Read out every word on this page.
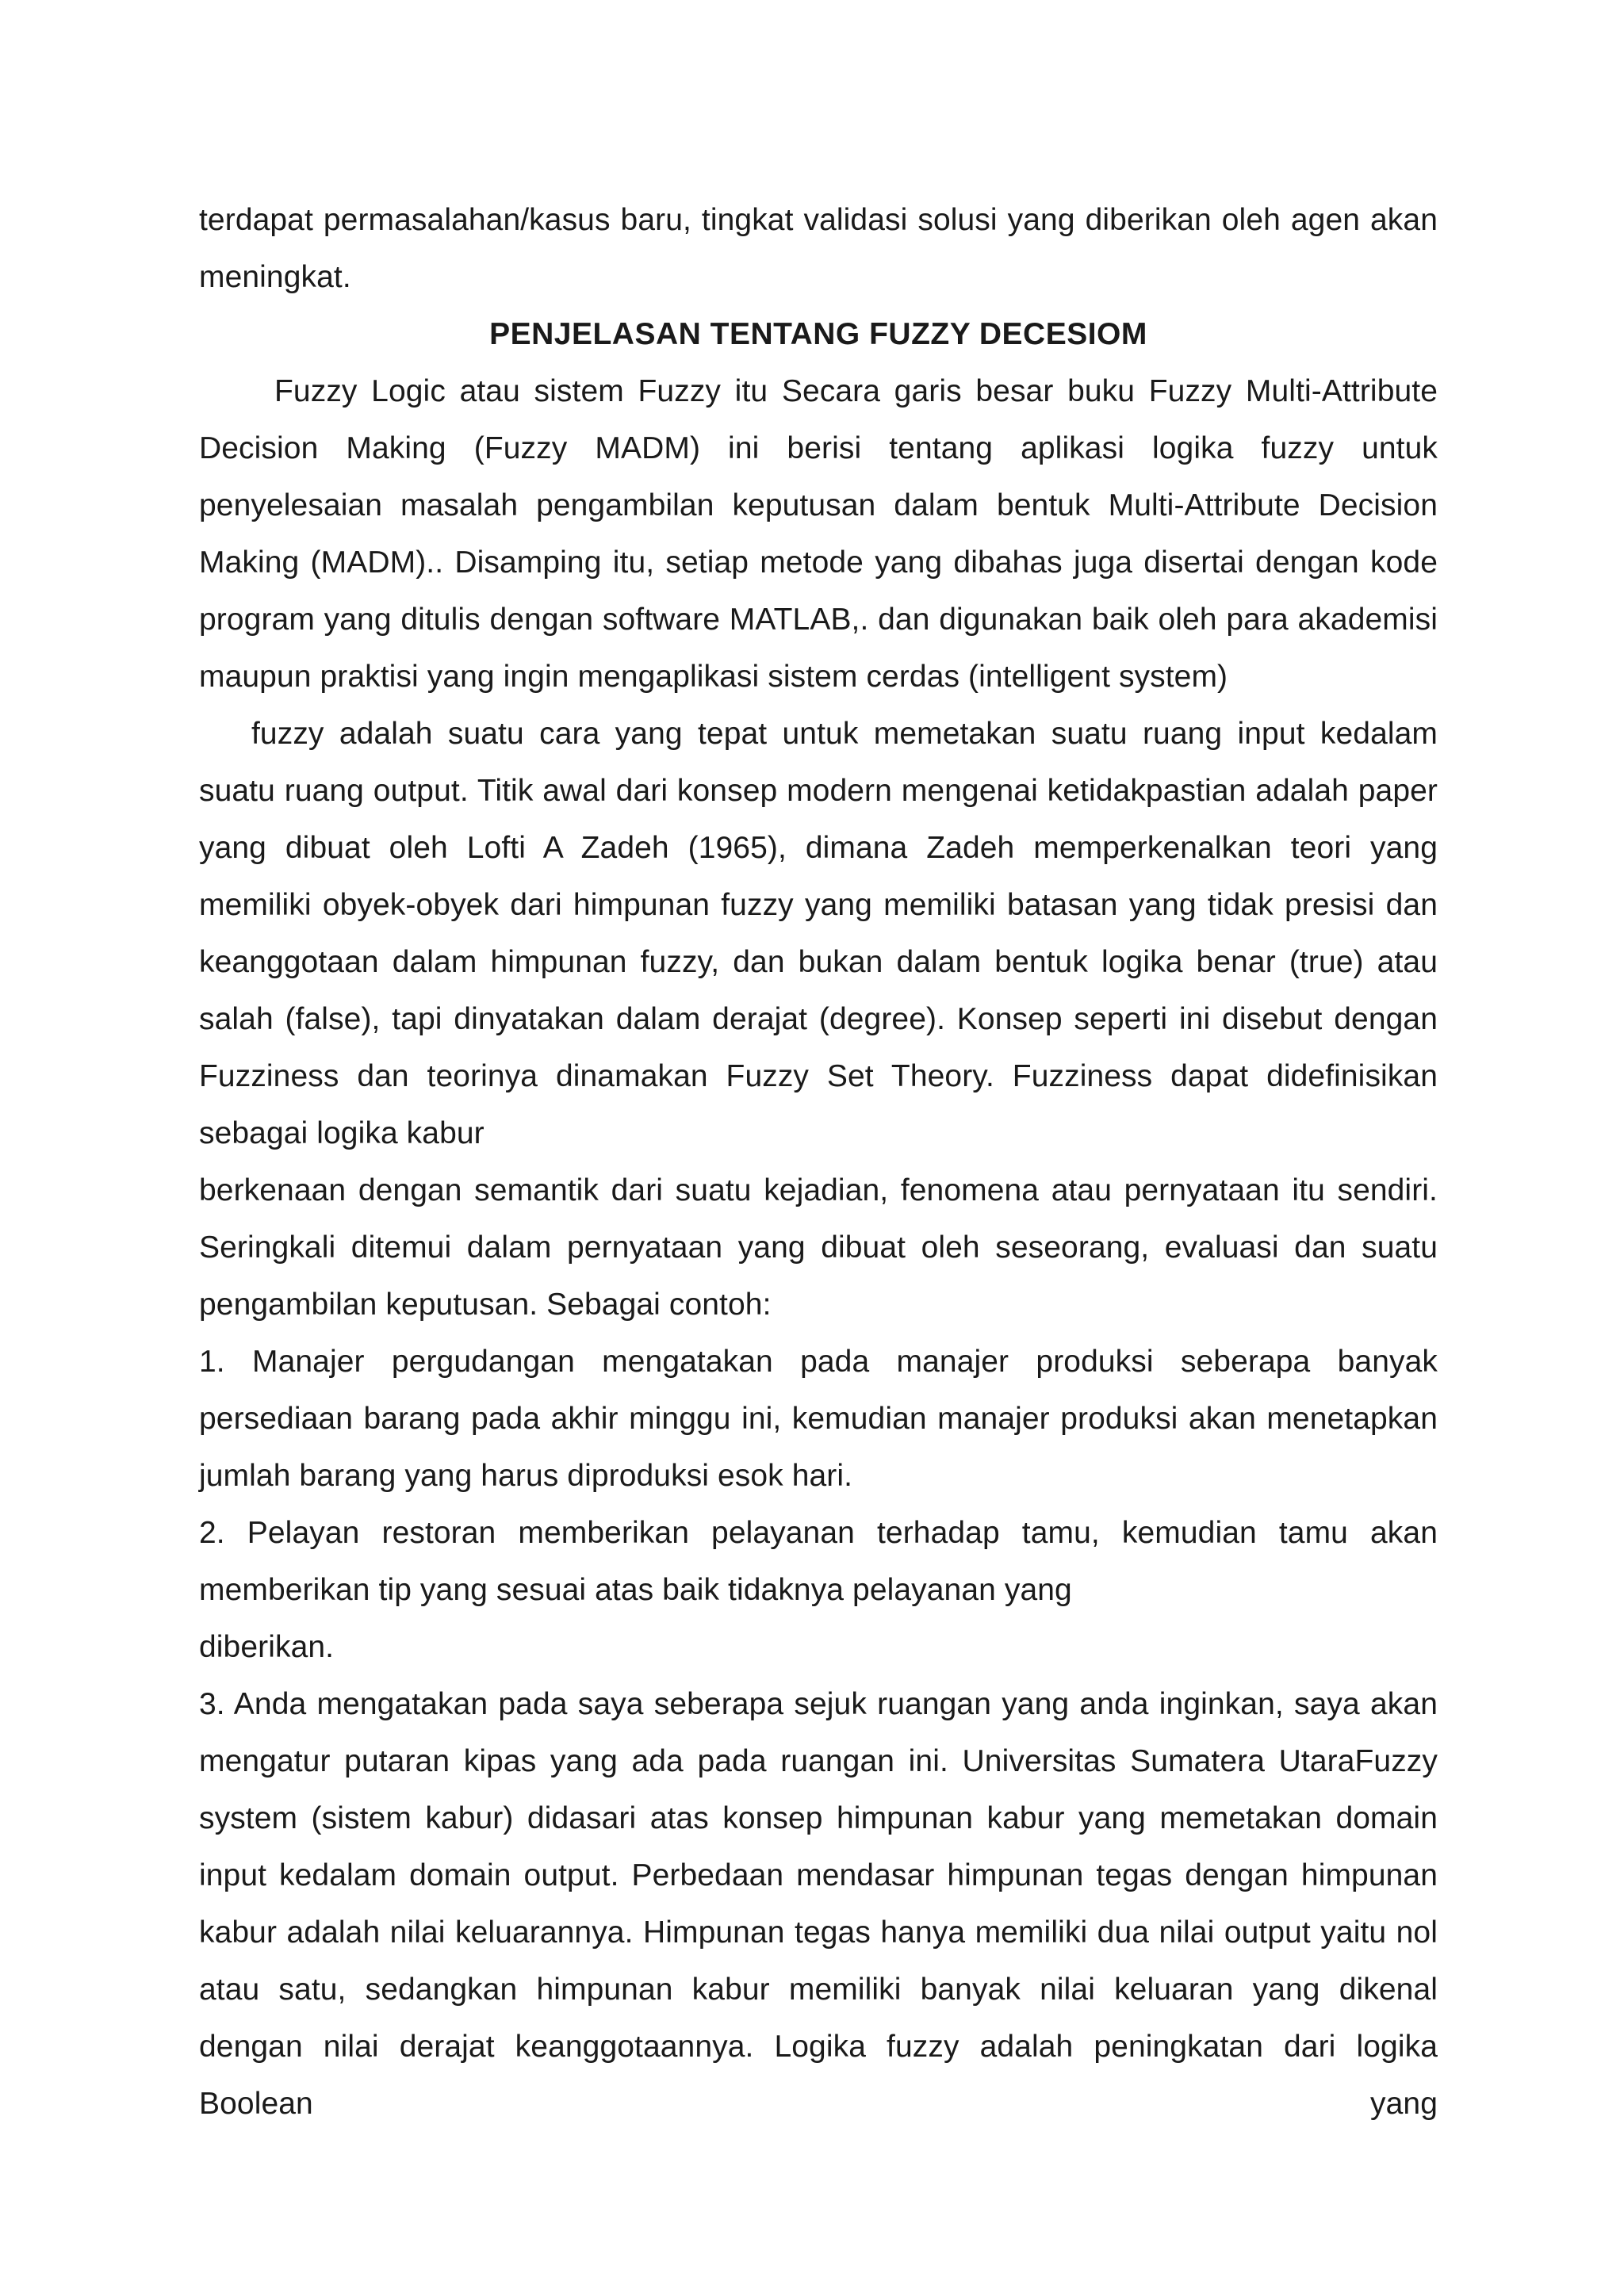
terdapat permasalahan/kasus baru, tingkat validasi solusi yang diberikan oleh agen akan meningkat.

PENJELASAN TENTANG FUZZY DECESIOM

Fuzzy Logic atau sistem Fuzzy itu Secara garis besar buku Fuzzy Multi-Attribute Decision Making (Fuzzy MADM) ini berisi tentang aplikasi logika fuzzy untuk penyelesaian masalah pengambilan keputusan dalam bentuk Multi-Attribute Decision Making (MADM).. Disamping itu, setiap metode yang dibahas juga disertai dengan kode program yang ditulis dengan software MATLAB,. dan digunakan baik oleh para akademisi maupun praktisi yang ingin mengaplikasi sistem cerdas (intelligent system)

fuzzy adalah suatu cara yang tepat untuk memetakan suatu ruang input kedalam suatu ruang output. Titik awal dari konsep modern mengenai ketidakpastian adalah paper yang dibuat oleh Lofti A Zadeh (1965), dimana Zadeh memperkenalkan teori yang memiliki obyek-obyek dari himpunan fuzzy yang memiliki batasan yang tidak presisi dan keanggotaan dalam himpunan fuzzy, dan bukan dalam bentuk logika benar (true) atau salah (false), tapi dinyatakan dalam derajat (degree). Konsep seperti ini disebut dengan Fuzziness dan teorinya dinamakan Fuzzy Set Theory. Fuzziness dapat didefinisikan sebagai logika kabur

berkenaan dengan semantik dari suatu kejadian, fenomena atau pernyataan itu sendiri. Seringkali ditemui dalam pernyataan yang dibuat oleh seseorang, evaluasi dan suatu pengambilan keputusan. Sebagai contoh:

1. Manajer pergudangan mengatakan pada manajer produksi seberapa banyak persediaan barang pada akhir minggu ini, kemudian manajer produksi akan menetapkan jumlah barang yang harus diproduksi esok hari.

2. Pelayan restoran memberikan pelayanan terhadap tamu, kemudian tamu akan memberikan tip yang sesuai atas baik tidaknya pelayanan yang

diberikan.

3. Anda mengatakan pada saya seberapa sejuk ruangan yang anda inginkan, saya akan mengatur putaran kipas yang ada pada ruangan ini. Universitas Sumatera UtaraFuzzy system (sistem kabur) didasari atas konsep himpunan kabur yang memetakan domain input kedalam domain output. Perbedaan mendasar himpunan tegas dengan himpunan kabur adalah nilai keluarannya. Himpunan tegas hanya memiliki dua nilai output yaitu nol atau satu, sedangkan himpunan kabur memiliki banyak nilai keluaran yang dikenal dengan nilai derajat keanggotaannya. Logika fuzzy adalah peningkatan dari logika Boolean yang
